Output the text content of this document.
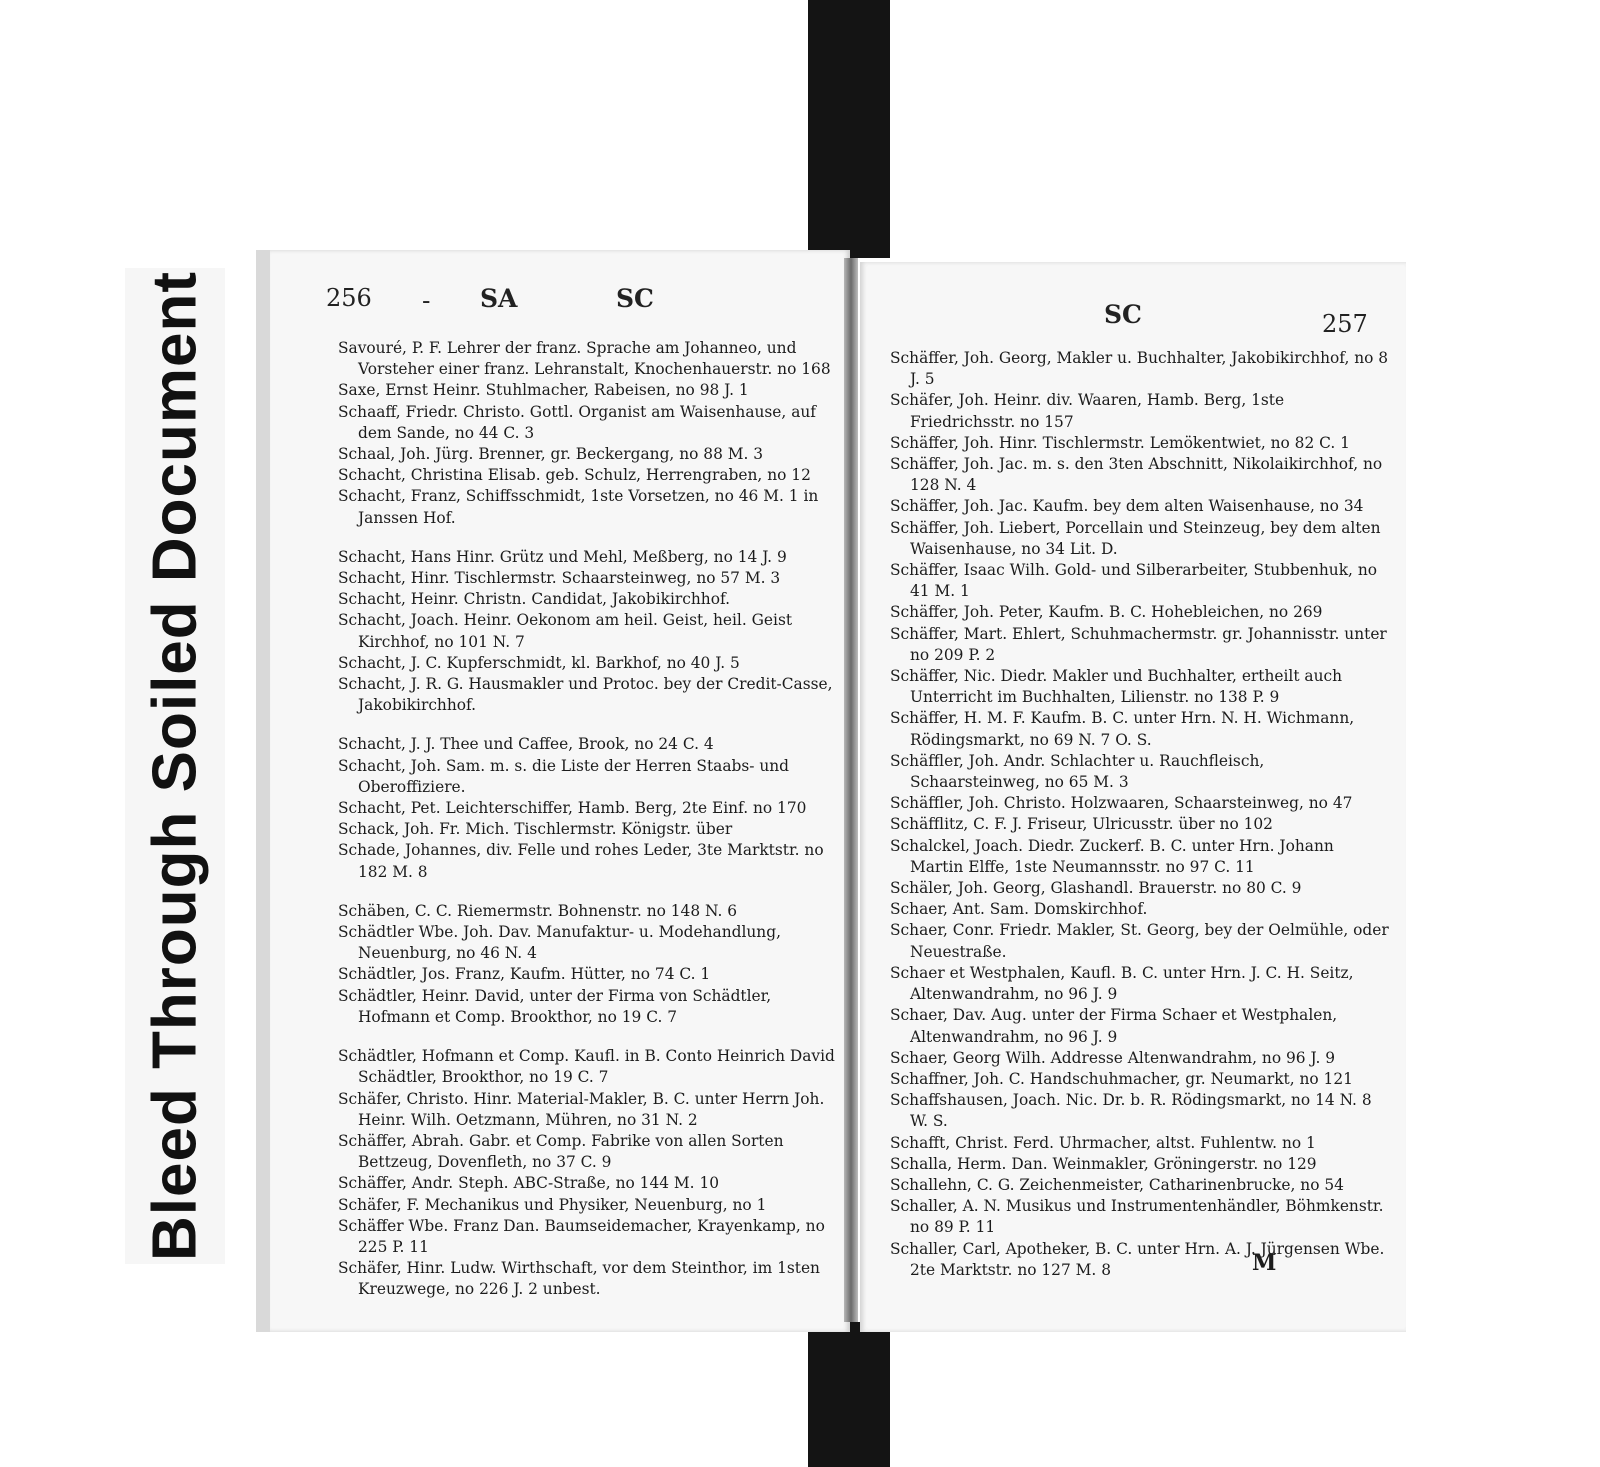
Bleed Through Soiled Document	256 - SA	SC
Savouré, P. F. Lehrer der franz. Sprache am Johanneo, und Vorsteher einer franz. Lehranstalt, Knochenhauerstr. no 168
Saxe, Ernst Heinr. Stuhlmacher, Rabeisen, no 98 J. 1
Schaaff, Friedr. Christo. Gottl. Organist am Waisenhause, auf dem Sande, no 44 C. 3
Schaal, Joh. Jürg. Brenner, gr. Beckergang, no 88 M. 3
Schacht, Christina Elisab. geb. Schulz, Herrengraben, no 12
Schacht, Franz, Schiffsschmidt, 1ste Vorsetzen, no 46 M. 1 in Janssen Hof.
Schacht, Hans Hinr. Grütz und Mehl, Meßberg, no 14 J. 9
Schacht, Hinr. Tischlermstr. Schaarsteinweg, no 57 M. 3
Schacht, Heinr. Christn. Candidat, Jakobikirchhof.
Schacht, Joach. Heinr. Oekonom am heil. Geist, heil. Geist Kirchhof, no 101 N. 7
Schacht, J. C. Kupferschmidt, kl. Barkhof, no 40 J. 5
Schacht, J. R. G. Hausmakler und Protoc. bey der Credit-Casse, Jakobikirchhof.
Schacht, J. J. Thee und Caffee, Brook, no 24 C. 4
Schacht, Joh. Sam. m. s. die Liste der Herren Staabs- und Oberoffiziere.
Schacht, Pet. Leichterschiffer, Hamb. Berg, 2te Einf. no 170
Schack, Joh. Fr. Mich. Tischlermstr. Königstr. über
Schade, Johannes, div. Felle und rohes Leder, 3te Marktstr. no 182 M. 8
Schäben, C. C. Riemermstr. Bohnenstr. no 148 N. 6
Schädtler Wbe. Joh. Dav. Manufaktur- u. Modehandlung, Neuenburg, no 46 N. 4
Schädtler, Jos. Franz, Kaufm. Hütter, no 74 C. 1
Schädtler, Heinr. David, unter der Firma von Schädtler, Hofmann et Comp. Brookthor, no 19 C. 7
Schädtler, Hofmann et Comp. Kaufl. in B. Conto Heinrich David Schädtler, Brookthor, no 19 C. 7
Schäfer, Christo. Hinr. Material-Makler, B. C. unter Herrn Joh. Heinr. Wilh. Oetzmann, Mühren, no 31 N. 2
Schäffer, Abrah. Gabr. et Comp. Fabrike von allen Sorten Bettzeug, Dovenfleth, no 37 C. 9
Schäffer, Andr. Steph. ABC-Straße, no 144 M. 10
Schäfer, F. Mechanikus und Physiker, Neuenburg, no 1
Schäffer Wbe. Franz Dan. Baumseidemacher, Krayenkamp, no 225 P. 11
Schäfer, Hinr. Ludw. Wirthschaft, vor dem Steinthor, im 1sten Kreuzwege, no 226 J. 2 unbest.
SC	257
Schäffer, Joh. Georg, Makler u. Buchhalter, Jakobikirchhof, no 8 J. 5
Schäfer, Joh. Heinr. div. Waaren, Hamb. Berg, 1ste Friedrichsstr. no 157
Schäffer, Joh. Hinr. Tischlermstr. Lemökentwiet, no 82 C. 1
Schäffer, Joh. Jac. m. s. den 3ten Abschnitt, Nikolaikirchhof, no 128 N. 4
Schäffer, Joh. Jac. Kaufm. bey dem alten Waisenhause, no 34
Schäffer, Joh. Liebert, Porcellain und Steinzeug, bey dem alten Waisenhause, no 34 Lit. D.
Schäffer, Isaac Wilh. Gold- und Silberarbeiter, Stubbenhuk, no 41 M. 1
Schäffer, Joh. Peter, Kaufm. B. C. Hohebleichen, no 269
Schäffer, Mart. Ehlert, Schuhmachermstr. gr. Johannisstr. unter no 209 P. 2
Schäffer, Nic. Diedr. Makler und Buchhalter, ertheilt auch Unterricht im Buchhalten, Lilienstr. no 138 P. 9
Schäffer, H. M. F. Kaufm. B. C. unter Hrn. N. H. Wichmann, Rödingsmarkt, no 69 N. 7 O. S.
Schäffler, Joh. Andr. Schlachter u. Rauchfleisch, Schaarsteinweg, no 65 M. 3
Schäffler, Joh. Christo. Holzwaaren, Schaarsteinweg, no 47
Schäfflitz, C. F. J. Friseur, Ulricusstr. über no 102
Schalckel, Joach. Diedr. Zuckerf. B. C. unter Hrn. Johann Martin Elffe, 1ste Neumannsstr. no 97 C. 11
Schäler, Joh. Georg, Glashandl. Brauerstr. no 80 C. 9
Schaer, Ant. Sam. Domskirchhof.
Schaer, Conr. Friedr. Makler, St. Georg, bey der Oelmühle, oder Neuestraße.
Schaer et Westphalen, Kaufl. B. C. unter Hrn. J. C. H. Seitz, Altenwandrahm, no 96 J. 9
Schaer, Dav. Aug. unter der Firma Schaer et Westphalen, Altenwandrahm, no 96 J. 9
Schaer, Georg Wilh. Addresse Altenwandrahm, no 96 J. 9
Schaffner, Joh. C. Handschuhmacher, gr. Neumarkt, no 121
Schaffshausen, Joach. Nic. Dr. b. R. Rödingsmarkt, no 14 N. 8 W. S.
Schafft, Christ. Ferd. Uhrmacher, altst. Fuhlentw. no 1
Schalla, Herm. Dan. Weinmakler, Gröningerstr. no 129
Schallehn, C. G. Zeichenmeister, Catharinenbrucke, no 54
Schaller, A. N. Musikus und Instrumentenhändler, Böhmkenstr. no 89 P. 11
Schaller, Carl, Apotheker, B. C. unter Hrn. A. J. Jürgensen Wbe. 2te Marktstr. no 127 M. 8	M
